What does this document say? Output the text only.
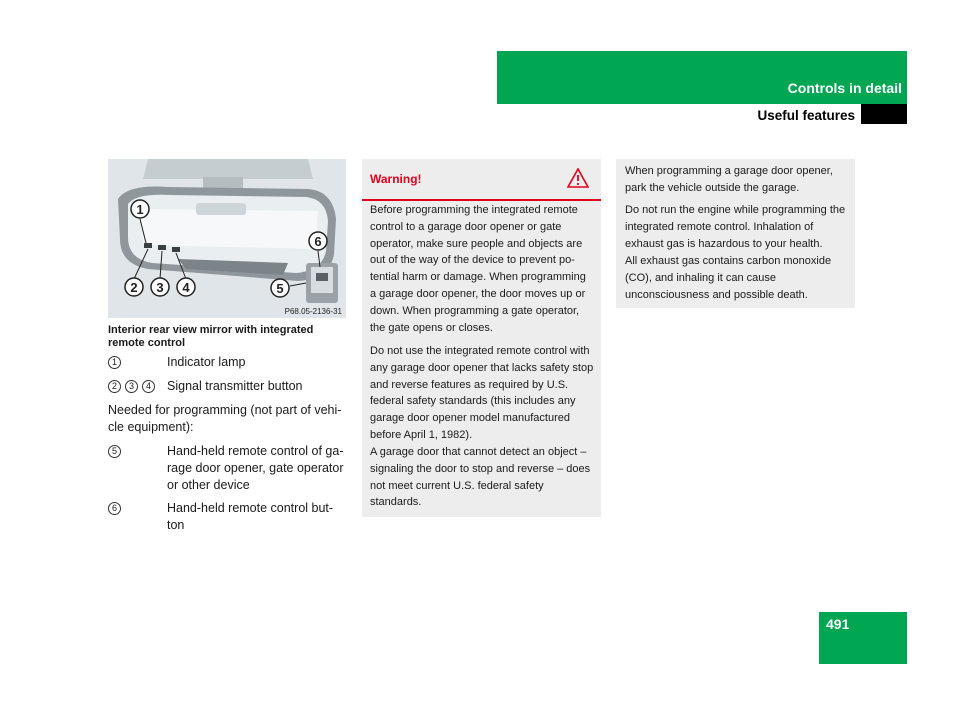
Controls in detail
Useful features
1
2 3 4	5
6
P68.05-2136-31
Interior rear view mirror with integrated remote control
1	Indicator lamp
2 3 4	Signal transmitter button
Needed for programming (not part of vehi-cle equipment):
5	Hand-held remote control of ga-rage door opener, gate operator or other device
6	Hand-held remote control but-ton
Warning!
Before programming the integrated remote control to a garage door opener or gate operator, make sure people and objects are out of the way of the device to prevent po-tential harm or damage. When programming a garage door opener, the door moves up or down. When programming a gate operator, the gate opens or closes.
Do not use the integrated remote control with any garage door opener that lacks safety stop and reverse features as required by U.S. federal safety standards (this includes any garage door opener model manufactured before April 1, 1982).
A garage door that cannot detect an object – signaling the door to stop and reverse – does not meet current U.S. federal safety standards.
When programming a garage door opener, park the vehicle outside the garage.
Do not run the engine while programming the integrated remote control. Inhalation of exhaust gas is hazardous to your health.
All exhaust gas contains carbon monoxide (CO), and inhaling it can cause unconsciousness and possible death.
491
